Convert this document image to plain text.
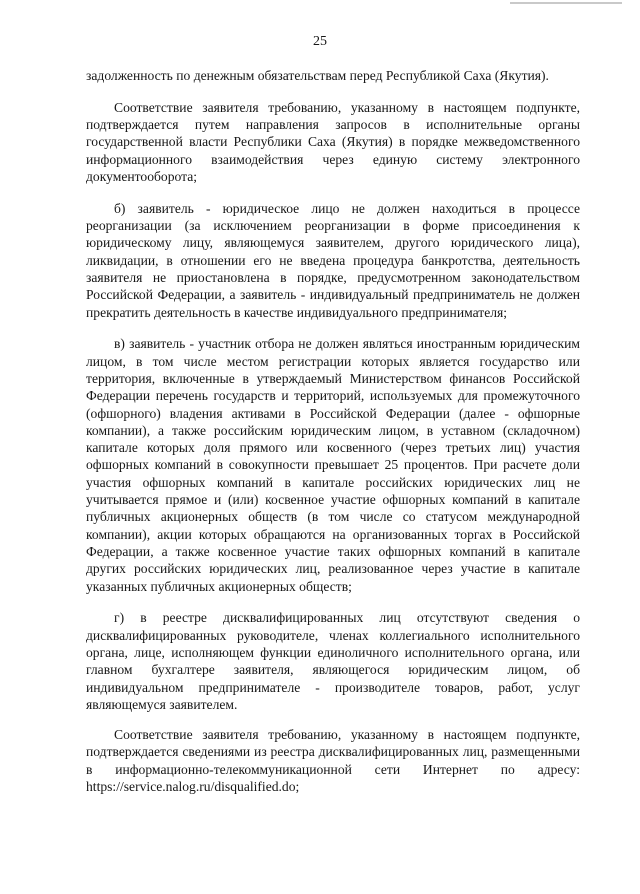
25

задолженность по денежным обязательствам перед Республикой Саха (Якутия).

Соответствие заявителя требованию, указанному в настоящем подпункте, подтверждается путем направления запросов в исполнительные органы государственной власти Республики Саха (Якутия) в порядке межведомственного информационного взаимодействия через единую систему электронного документооборота;

б) заявитель - юридическое лицо не должен находиться в процессе реорганизации (за исключением реорганизации в форме присоединения к юридическому лицу, являющемуся заявителем, другого юридического лица), ликвидации, в отношении его не введена процедура банкротства, деятельность заявителя не приостановлена в порядке, предусмотренном законодательством Российской Федерации, а заявитель - индивидуальный предприниматель не должен прекратить деятельность в качестве индивидуального предпринимателя;

в) заявитель - участник отбора не должен являться иностранным юридическим лицом, в том числе местом регистрации которых является государство или территория, включенные в утверждаемый Министерством финансов Российской Федерации перечень государств и территорий, используемых для промежуточного (офшорного) владения активами в Российской Федерации (далее - офшорные компании), а также российским юридическим лицом, в уставном (складочном) капитале которых доля прямого или косвенного (через третьих лиц) участия офшорных компаний в совокупности превышает 25 процентов. При расчете доли участия офшорных компаний в капитале российских юридических лиц не учитывается прямое и (или) косвенное участие офшорных компаний в капитале публичных акционерных обществ (в том числе со статусом международной компании), акции которых обращаются на организованных торгах в Российской Федерации, а также косвенное участие таких офшорных компаний в капитале других российских юридических лиц, реализованное через участие в капитале указанных публичных акционерных обществ;

г) в реестре дисквалифицированных лиц отсутствуют сведения о дисквалифицированных руководителе, членах коллегиального исполнительного органа, лице, исполняющем функции единоличного исполнительного органа, или главном бухгалтере заявителя, являющегося юридическим лицом, об индивидуальном предпринимателе - производителе товаров, работ, услуг являющемуся заявителем.

Соответствие заявителя требованию, указанному в настоящем подпункте, подтверждается сведениями из реестра дисквалифицированных лиц, размещенными в информационно-телекоммуникационной сети Интернет по адресу: https://service.nalog.ru/disqualified.do;
